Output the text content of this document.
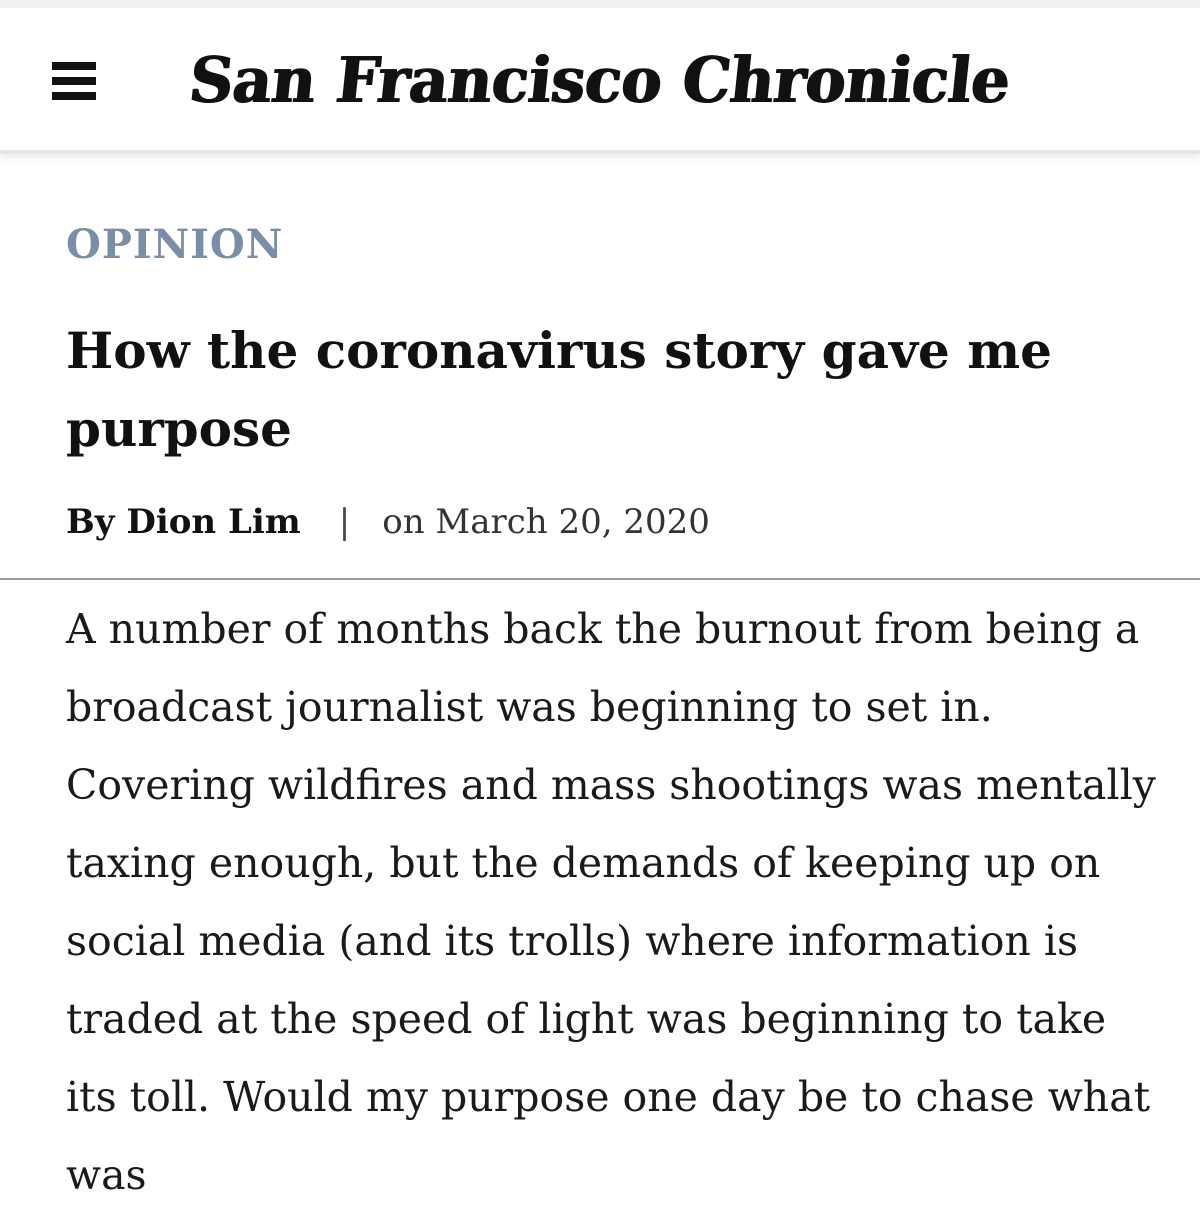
San Francisco Chronicle
OPINION
How the coronavirus story gave me purpose
By Dion Lim | on March 20, 2020

A number of months back the burnout from being a broadcast journalist was beginning to set in. Covering wildfires and mass shootings was mentally taxing enough, but the demands of keeping up on social media (and its trolls) where information is traded at the speed of light was beginning to take its toll. Would my purpose one day be to chase what was
